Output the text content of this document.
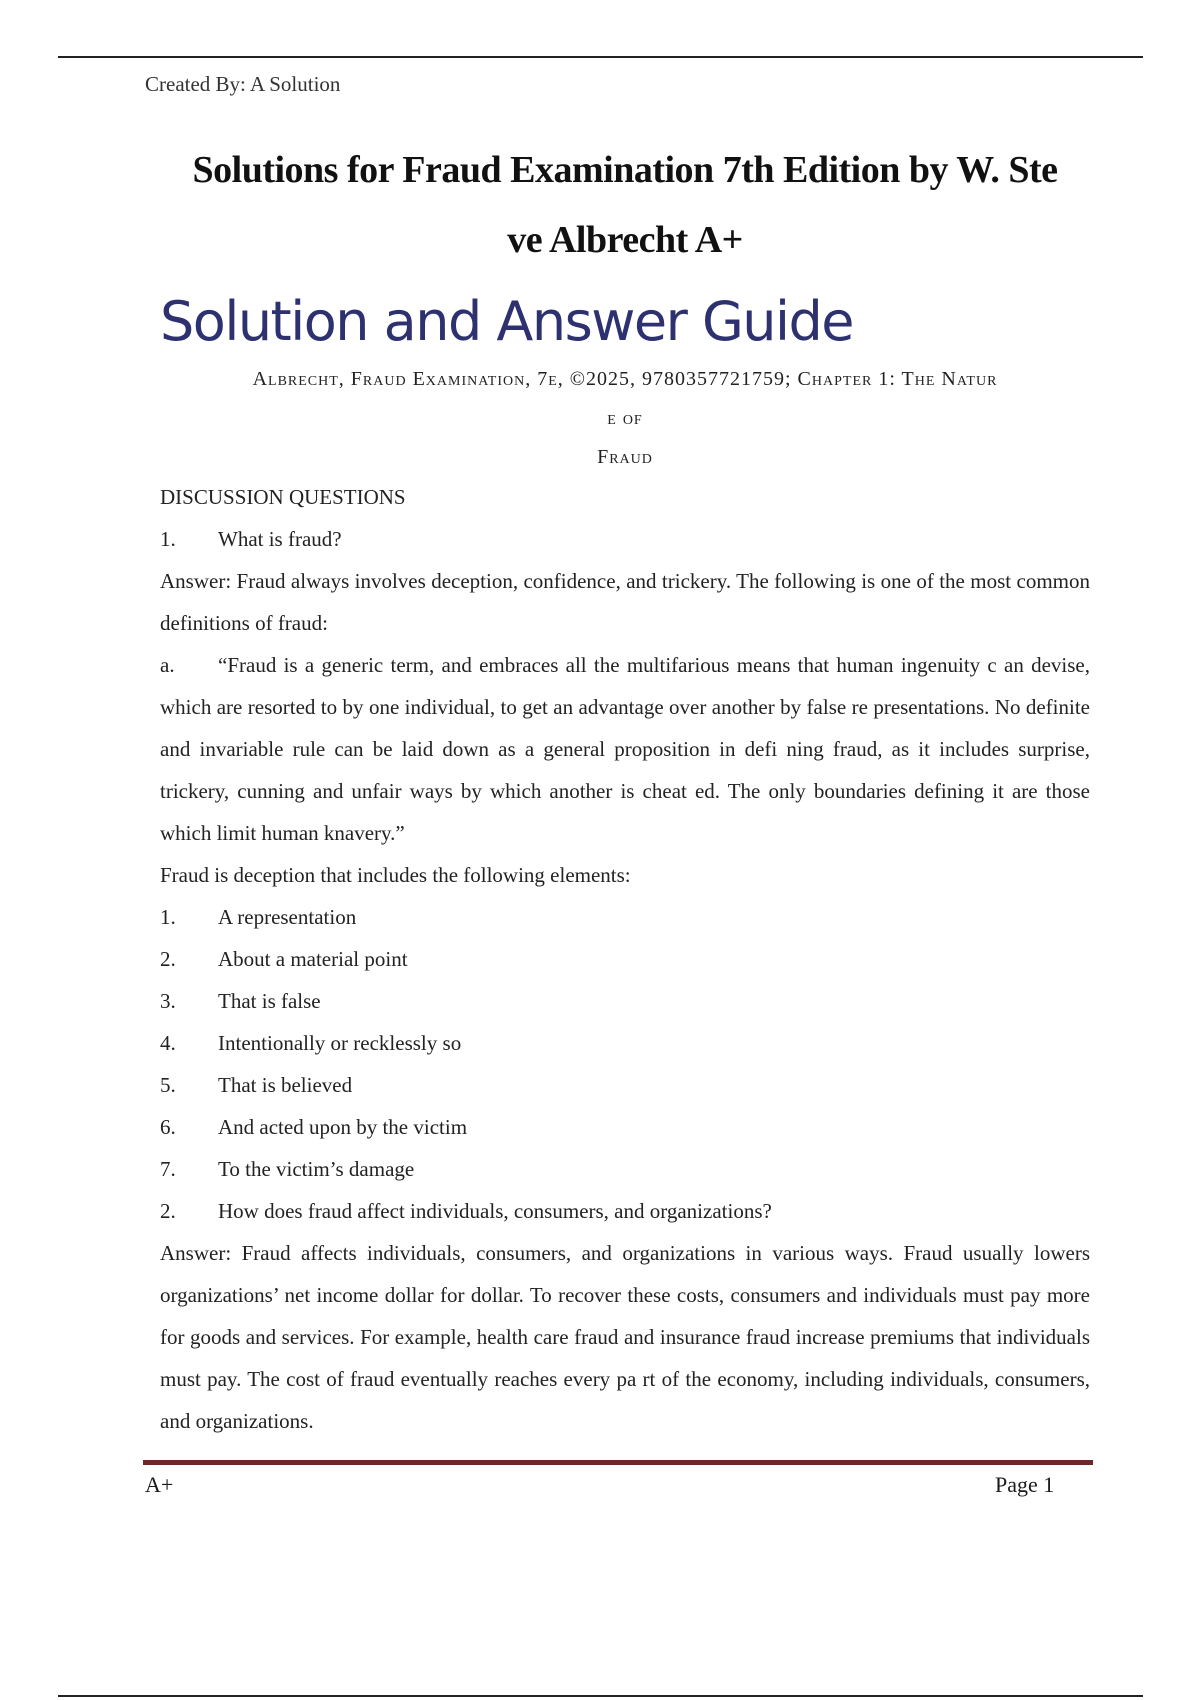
Created By: A Solution
Solutions for Fraud Examination 7th Edition by W. Ste
ve Albrecht A+
Solution and Answer Guide
Albrecht, Fraud Examination, 7e, ©2025, 9780357721759; Chapter 1: The Natur
e of
Fraud

DISCUSSION QUESTIONS

1.	What is fraud?

Answer: Fraud always involves deception, confidence, and trickery. The following is one of the most common definitions of fraud:

a.	“Fraud is a generic term, and embraces all the multifarious means that human ingenuity c an devise, which are resorted to by one individual, to get an advantage over another by false re presentations. No definite and invariable rule can be laid down as a general proposition in defi ning fraud, as it includes surprise, trickery, cunning and unfair ways by which another is cheat ed. The only boundaries defining it are those which limit human knavery.”

Fraud is deception that includes the following elements:

1.	A representation
2.	About a material point
3.	That is false
4.	Intentionally or recklessly so
5.	That is believed
6.	And acted upon by the victim
7.	To the victim’s damage
2.	How does fraud affect individuals, consumers, and organizations?

Answer: Fraud affects individuals, consumers, and organizations in various ways. Fraud usually lowers organizations’ net income dollar for dollar. To recover these costs, consumers and individuals must pay more for goods and services. For example, health care fraud and insurance fraud increase premiums that individuals must pay. The cost of fraud eventually reaches every pa rt of the economy, including individuals, consumers, and organizations.

A+	Page 1
